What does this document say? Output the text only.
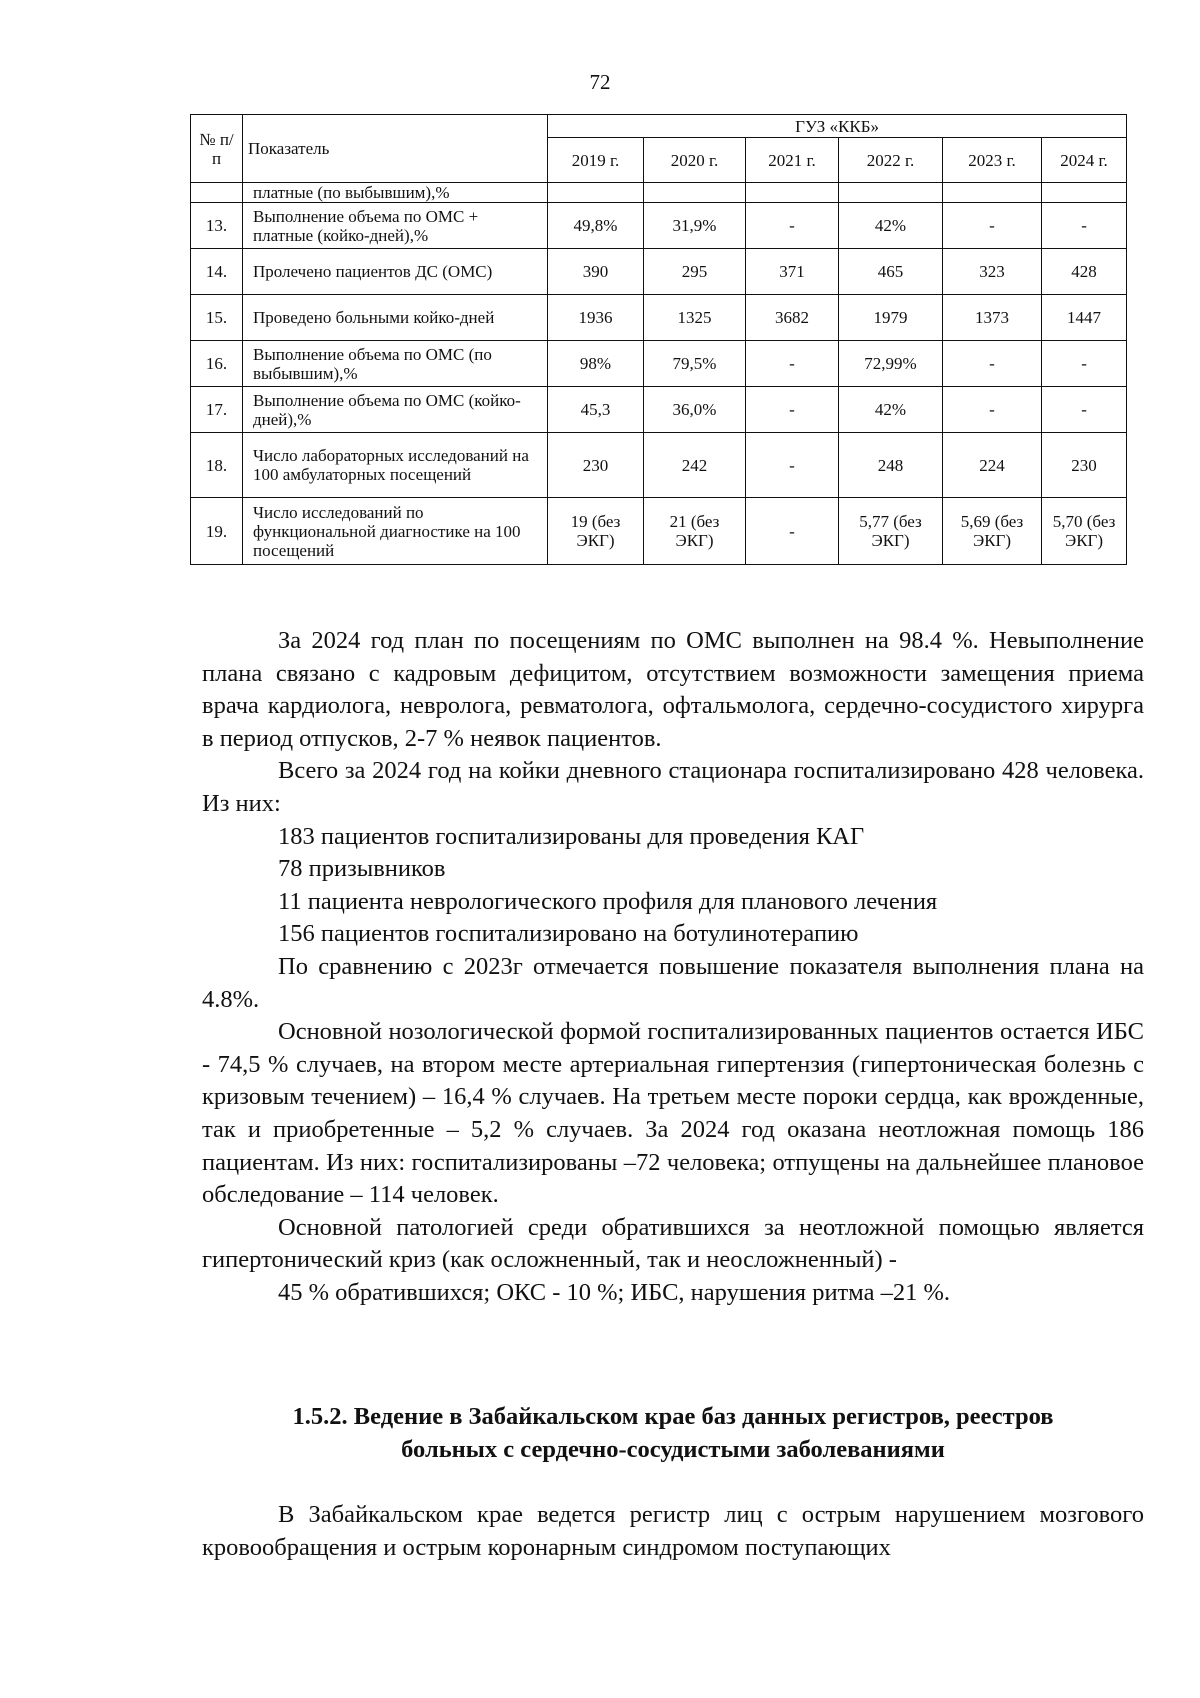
72
№ п/п	Показатель	ГУЗ «ККБ»					
		2019 г.	2020 г.	2021 г.	2022 г.	2023 г.	2024 г.
	платные (по выбывшим),%						
13.	Выполнение объема по ОМС + платные (койко-дней),%	49,8%	31,9%	-	42%	-	-
14.	Пролечено пациентов ДС (ОМС)	390	295	371	465	323	428
15.	Проведено больными койко-дней	1936	1325	3682	1979	1373	1447
16.	Выполнение объема по ОМС (по выбывшим),%	98%	79,5%	-	72,99%	-	-
17.	Выполнение объема по ОМС (койко-дней),%	45,3	36,0%	-	42%	-	-
18.	Число лабораторных исследований на 100 амбулаторных посещений	230	242	-	248	224	230
19.	Число исследований по функциональной диагностике на 100 посещений	19 (без ЭКГ)	21 (без ЭКГ)	-	5,77 (без ЭКГ)	5,69 (без ЭКГ)	5,70 (без ЭКГ)

За 2024 год план по посещениям по ОМС выполнен на 98.4 %. Невыполнение плана связано с кадровым дефицитом, отсутствием возможности замещения приема врача кардиолога, невролога, ревматолога, офтальмолога, сердечно-сосудистого хирурга в период отпусков, 2-7 % неявок пациентов.

Всего за 2024 год на койки дневного стационара госпитализировано 428 человека. Из них:

183 пациентов госпитализированы для проведения КАГ

78 призывников

11 пациента неврологического профиля для планового лечения

156 пациентов госпитализировано на ботулинотерапию

По сравнению с 2023г отмечается повышение показателя выполнения плана на 4.8%.

Основной нозологической формой госпитализированных пациентов остается ИБС - 74,5 % случаев, на втором месте артериальная гипертензия (гипертоническая болезнь с кризовым течением) – 16,4 % случаев. На третьем месте пороки сердца, как врожденные, так и приобретенные – 5,2 % случаев. За 2024 год оказана неотложная помощь 186 пациентам. Из них: госпитализированы –72 человека; отпущены на дальнейшее плановое обследование – 114 человек.

Основной патологией среди обратившихся за неотложной помощью является гипертонический криз (как осложненный, так и неосложненный) -

45 % обратившихся; ОКС - 10 %; ИБС, нарушения ритма –21 %.

1.5.2. Ведение в Забайкальском крае баз данных регистров, реестров
больных с сердечно-сосудистыми заболеваниями

В Забайкальском крае ведется регистр лиц с острым нарушением мозгового кровообращения и острым коронарным синдромом поступающих
